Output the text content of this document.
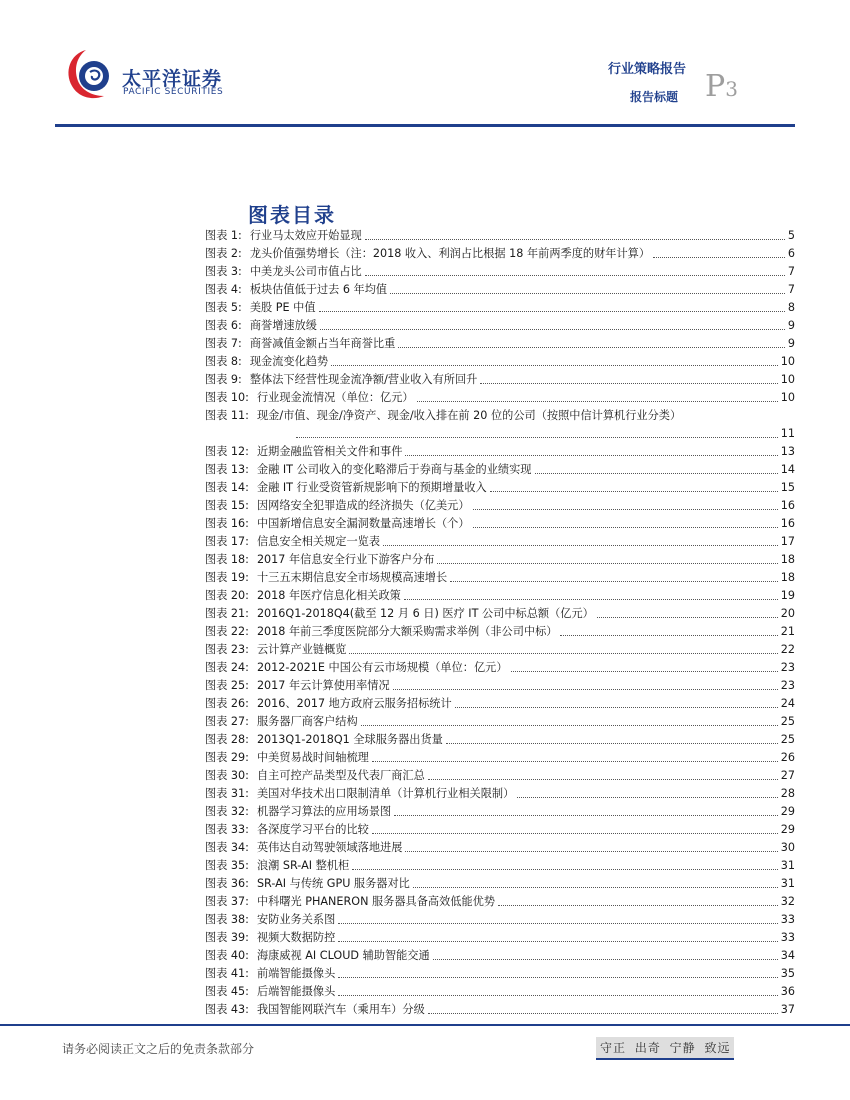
太平洋证券
PACIFIC SECURITIES
行业策略报告
报告标题 P3
图表目录
图表 1: 行业马太效应开始显现	5
图表 2: 龙头价值强势增长（注：2018 收入、利润占比根据 18 年前两季度的财年计算）	6
图表 3: 中美龙头公司市值占比	7
图表 4: 板块估值低于过去 6 年均值	7
图表 5: 美股 PE 中值	8
图表 6: 商誉增速放缓	9
图表 7: 商誉减值金额占当年商誉比重	9
图表 8: 现金流变化趋势	10
图表 9: 整体法下经营性现金流净额/营业收入有所回升	10
图表 10: 行业现金流情况（单位：亿元）	10
图表 11: 现金/市值、现金/净资产、现金/收入排在前 20 位的公司（按照中信计算机行业分类）
11
图表 12: 近期金融监管相关文件和事件	13
图表 13: 金融 IT 公司收入的变化略滞后于券商与基金的业绩实现	14
图表 14: 金融 IT 行业受资管新规影响下的预期增量收入	15
图表 15: 因网络安全犯罪造成的经济损失（亿美元）	16
图表 16: 中国新增信息安全漏洞数量高速增长（个）	16
图表 17: 信息安全相关规定一览表	17
图表 18: 2017 年信息安全行业下游客户分布	18
图表 19: 十三五末期信息安全市场规模高速增长	18
图表 20: 2018 年医疗信息化相关政策	19
图表 21: 2016Q1-2018Q4(截至 12 月 6 日) 医疗 IT 公司中标总额（亿元）	20
图表 22: 2018 年前三季度医院部分大额采购需求举例（非公司中标）	21
图表 23: 云计算产业链概览	22
图表 24: 2012-2021E 中国公有云市场规模（单位：亿元）	23
图表 25: 2017 年云计算使用率情况	23
图表 26: 2016、2017 地方政府云服务招标统计	24
图表 27: 服务器厂商客户结构	25
图表 28: 2013Q1-2018Q1 全球服务器出货量	25
图表 29: 中美贸易战时间轴梳理	26
图表 30: 自主可控产品类型及代表厂商汇总	27
图表 31: 美国对华技术出口限制清单（计算机行业相关限制）	28
图表 32: 机器学习算法的应用场景图	29
图表 33: 各深度学习平台的比较	29
图表 34: 英伟达自动驾驶领域落地进展	30
图表 35: 浪潮 SR-AI 整机柜	31
图表 36: SR-AI 与传统 GPU 服务器对比	31
图表 37: 中科曙光 PHANERON 服务器具备高效低能优势	32
图表 38: 安防业务关系图	33
图表 39: 视频大数据防控	33
图表 40: 海康威视 AI CLOUD 辅助智能交通	34
图表 41: 前端智能摄像头	35
图表 45: 后端智能摄像头	36
图表 43: 我国智能网联汽车（乘用车）分级	37
请务必阅读正文之后的免责条款部分	守正 出奇 宁静 致远
